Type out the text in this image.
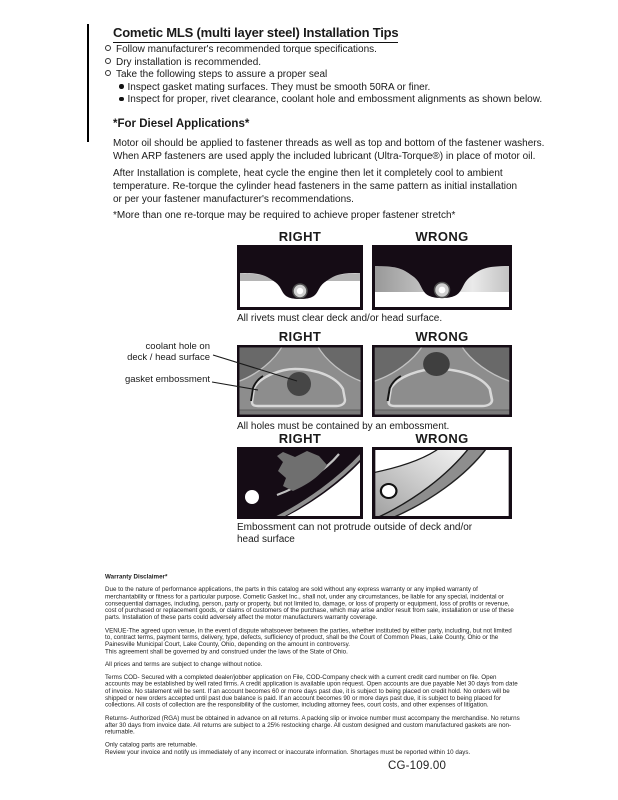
Cometic MLS (multi layer steel) Installation Tips
Follow manufacturer's recommended torque specifications.
Dry installation is recommended.
Take the following steps to assure a proper seal
Inspect gasket mating surfaces. They must be smooth 50RA or finer.
Inspect for proper, rivet clearance, coolant hole and embossment alignments as shown below.
*For Diesel Applications*
Motor oil should be applied to fastener threads as well as top and bottom of the fastener washers.
When ARP fasteners are used apply the included lubricant (Ultra-Torque®) in place of motor oil.
After Installation is complete, heat cycle the engine then let it completely cool to ambient
temperature. Re-torque the cylinder head fasteners in the same pattern as initial installation
or per your fastener manufacturer's recommendations.
*More than one re-torque may be required to achieve proper fastener stretch*
RIGHT	WRONG
All rivets must clear deck and/or head surface.
RIGHT	WRONG
coolant hole on
deck / head surface
gasket embossment
All holes must be contained by an embossment.
RIGHT	WRONG
Embossment can not protrude outside of deck and/or head surface
Warranty Disclaimer*
Due to the nature of performance applications, the parts in this catalog are sold without any express warranty or any implied warranty of merchantability or fitness for a particular purpose. Cometic Gasket Inc., shall not, under any circumstances, be liable for any special, incidental or consequential damages, including, person, party or property, but not limited to, damage, or loss of property or equipment, loss of profits or revenue, cost of purchased or replacement goods, or claims of customers of the purchase, which may arise and/or result from sale, installation or use of these parts. Installation of these parts could adversely affect the motor manufacturers warranty coverage.
VENUE-The agreed upon venue, in the event of dispute whatsoever between the parties, whether instituted by either party, including, but not limited to, contract terms, payment terms, delivery, type, defects, sufficiency of product, shall be the Court of Common Pleas, Lake County, Ohio or the Painesville Municipal Court, Lake County, Ohio, depending on the amount in controversy.
This agreement shall be governed by and construed under the laws of the State of Ohio.
All prices and terms are subject to change without notice.
Terms COD- Secured with a completed dealer/jobber application on File, COD-Company check with a current credit card number on file. Open accounts may be established by well rated firms. A credit application is available upon request. Open accounts are due payable Net 30 days from date of invoice. No statement will be sent. If an account becomes 60 or more days past due, it is subject to being placed on credit hold. No orders will be shipped or new orders accepted until past due balance is paid. If an account becomes 90 or more days past due, it is subject to being placed for collections. All costs of collection are the responsibility of the customer, including attorney fees, court costs, and other expenses of litigation.
Returns- Authorized (RGA) must be obtained in advance on all returns. A packing slip or invoice number must accompany the merchandise. No returns after 30 days from invoice date. All returns are subject to a 25% restocking charge. All custom designed and custom manufactured gaskets are non-returnable.
Only catalog parts are returnable.
Review your invoice and notify us immediately of any incorrect or inaccurate information. Shortages must be reported within 10 days.
CG-109.00
